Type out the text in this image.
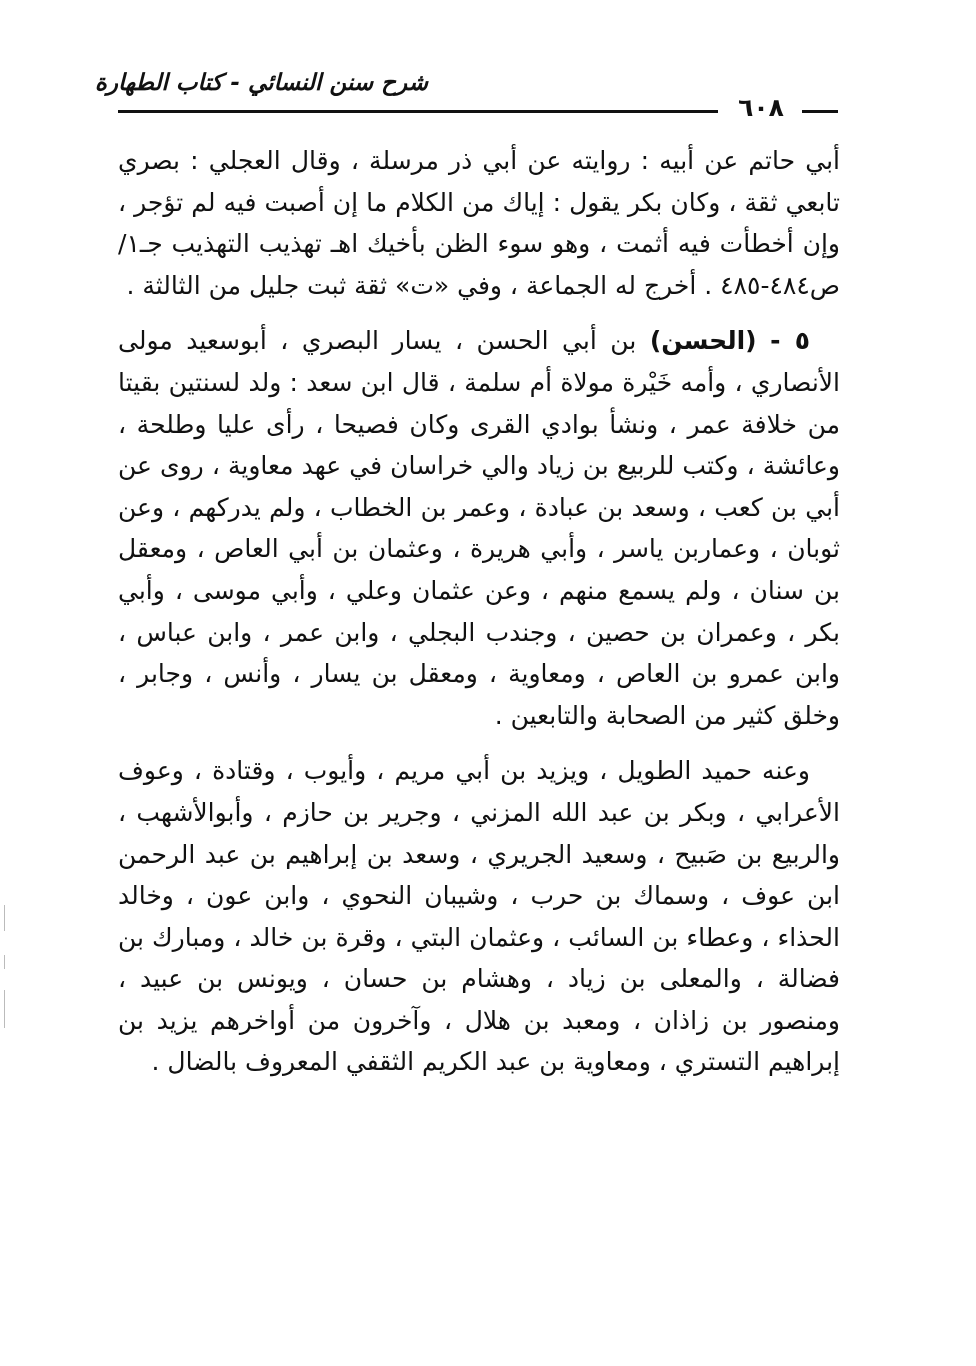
شرح سنن النسائي - كتاب الطهارة
٦٠٨

أبي حاتم عن أبيه : روايته عن أبي ذر مرسلة ، وقال العجلي : بصري تابعي ثقة ، وكان بكر يقول : إياك من الكلام ما إن أصبت فيه لم تؤجر ، وإن أخطأت فيه أثمت ، وهو سوء الظن بأخيك اهـ تهذيب التهذيب جـ١/ ص٤٨٤-٤٨٥ . أخرج له الجماعة ، وفي «ت» ثقة ثبت جليل من الثالثة .

٥ - (الحسن) بن أبي الحسن ، يسار البصري ، أبوسعيد مولى الأنصاري ، وأمه خَيْرة مولاة أم سلمة ، قال ابن سعد : ولد لسنتين بقيتا من خلافة عمر ، ونشأ بوادي القرى وكان فصيحا ، رأى عليا وطلحة ، وعائشة ، وكتب للربيع بن زياد والي خراسان في عهد معاوية ، روى عن أبي بن كعب ، وسعد بن عبادة ، وعمر بن الخطاب ، ولم يدركهم ، وعن ثوبان ، وعماربن ياسر ، وأبي هريرة ، وعثمان بن أبي العاص ، ومعقل بن سنان ، ولم يسمع منهم ، وعن عثمان وعلي ، وأبي موسى ، وأبي بكر ، وعمران بن حصين ، وجندب البجلي ، وابن عمر ، وابن عباس ، وابن عمرو بن العاص ، ومعاوية ، ومعقل بن يسار ، وأنس ، وجابر ، وخلق كثير من الصحابة والتابعين .

وعنه حميد الطويل ، ويزيد بن أبي مريم ، وأيوب ، وقتادة ، وعوف الأعرابي ، وبكر بن عبد الله المزني ، وجرير بن حازم ، وأبوالأشهب ، والربيع بن صَبيح ، وسعيد الجريري ، وسعد بن إبراهيم بن عبد الرحمن ابن عوف ، وسماك بن حرب ، وشيبان النحوي ، وابن عون ، وخالد الحذاء ، وعطاء بن السائب ، وعثمان البتي ، وقرة بن خالد ، ومبارك بن فضالة ، والمعلى بن زياد ، وهشام بن حسان ، ويونس بن عبيد ، ومنصور بن زاذان ، ومعبد بن هلال ، وآخرون من أواخرهم يزيد بن إبراهيم التستري ، ومعاوية بن عبد الكريم الثقفي المعروف بالضال .
